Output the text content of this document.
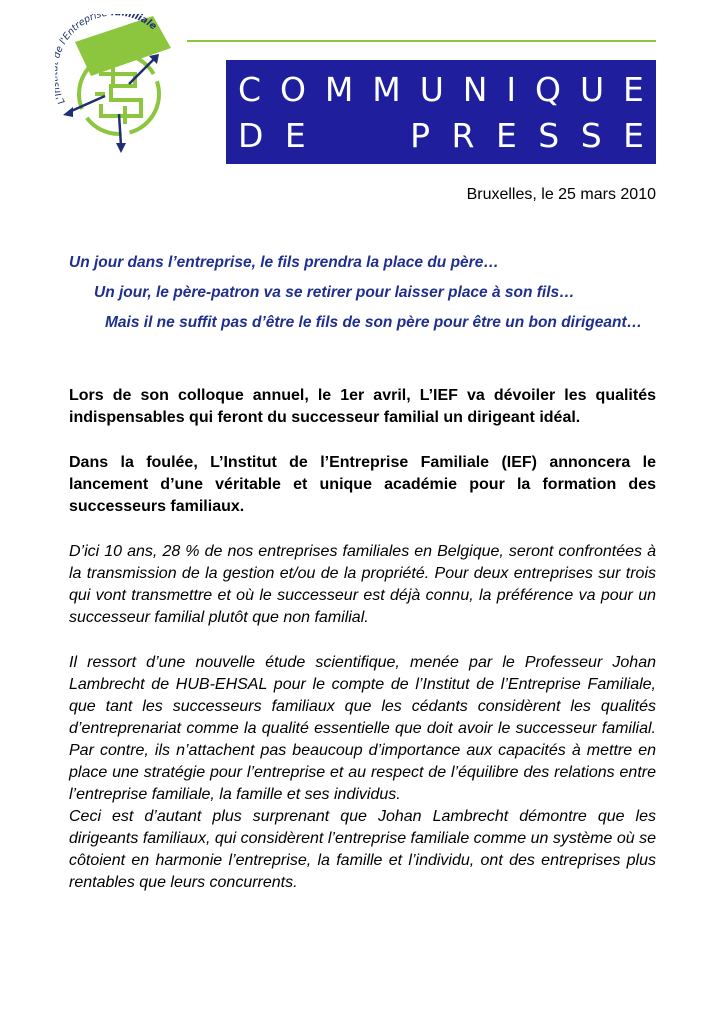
L' l'Entrepris	iliale
C O M M U N I Q U E
D E	P R E S S E
Bruxelles, le 25 mars 2010
Un jour dans l’entreprise, le fils prendra la place du père…
Un jour, le père-patron va se retirer pour laisser place à son fils…
Mais il ne suffit pas d’être le fils de son père pour être un bon dirigeant…
Lors de son colloque annuel, le 1er avril, L’IEF va dévoiler les qualités indispensables qui feront du successeur familial un dirigeant idéal.
Dans la foulée, L’Institut de l’Entreprise Familiale (IEF) annoncera le lancement d’une véritable et unique académie pour la formation des successeurs familiaux.
D’ici 10 ans, 28 % de nos entreprises familiales en Belgique, seront confrontées à la transmission de la gestion et/ou de la propriété. Pour deux entreprises sur trois qui vont transmettre et où le successeur est déjà connu, la préférence va pour un successeur familial plutôt que non familial.
Il ressort d’une nouvelle étude scientifique, menée par le Professeur Johan Lambrecht de HUB-EHSAL pour le compte de l’Institut de l’Entreprise Familiale, que tant les successeurs familiaux que les cédants considèrent les qualités d’entreprenariat comme la qualité essentielle que doit avoir le successeur familial. Par contre, ils n’attachent pas beaucoup d’importance aux capacités à mettre en place une stratégie pour l’entreprise et au respect de l’équilibre des relations entre l’entreprise familiale, la famille et ses individus.
Ceci est d’autant plus surprenant que Johan Lambrecht démontre que les dirigeants familiaux, qui considèrent l’entreprise familiale comme un système où se côtoient en harmonie l’entreprise, la famille et l’individu, ont des entreprises plus rentables que leurs concurrents.
